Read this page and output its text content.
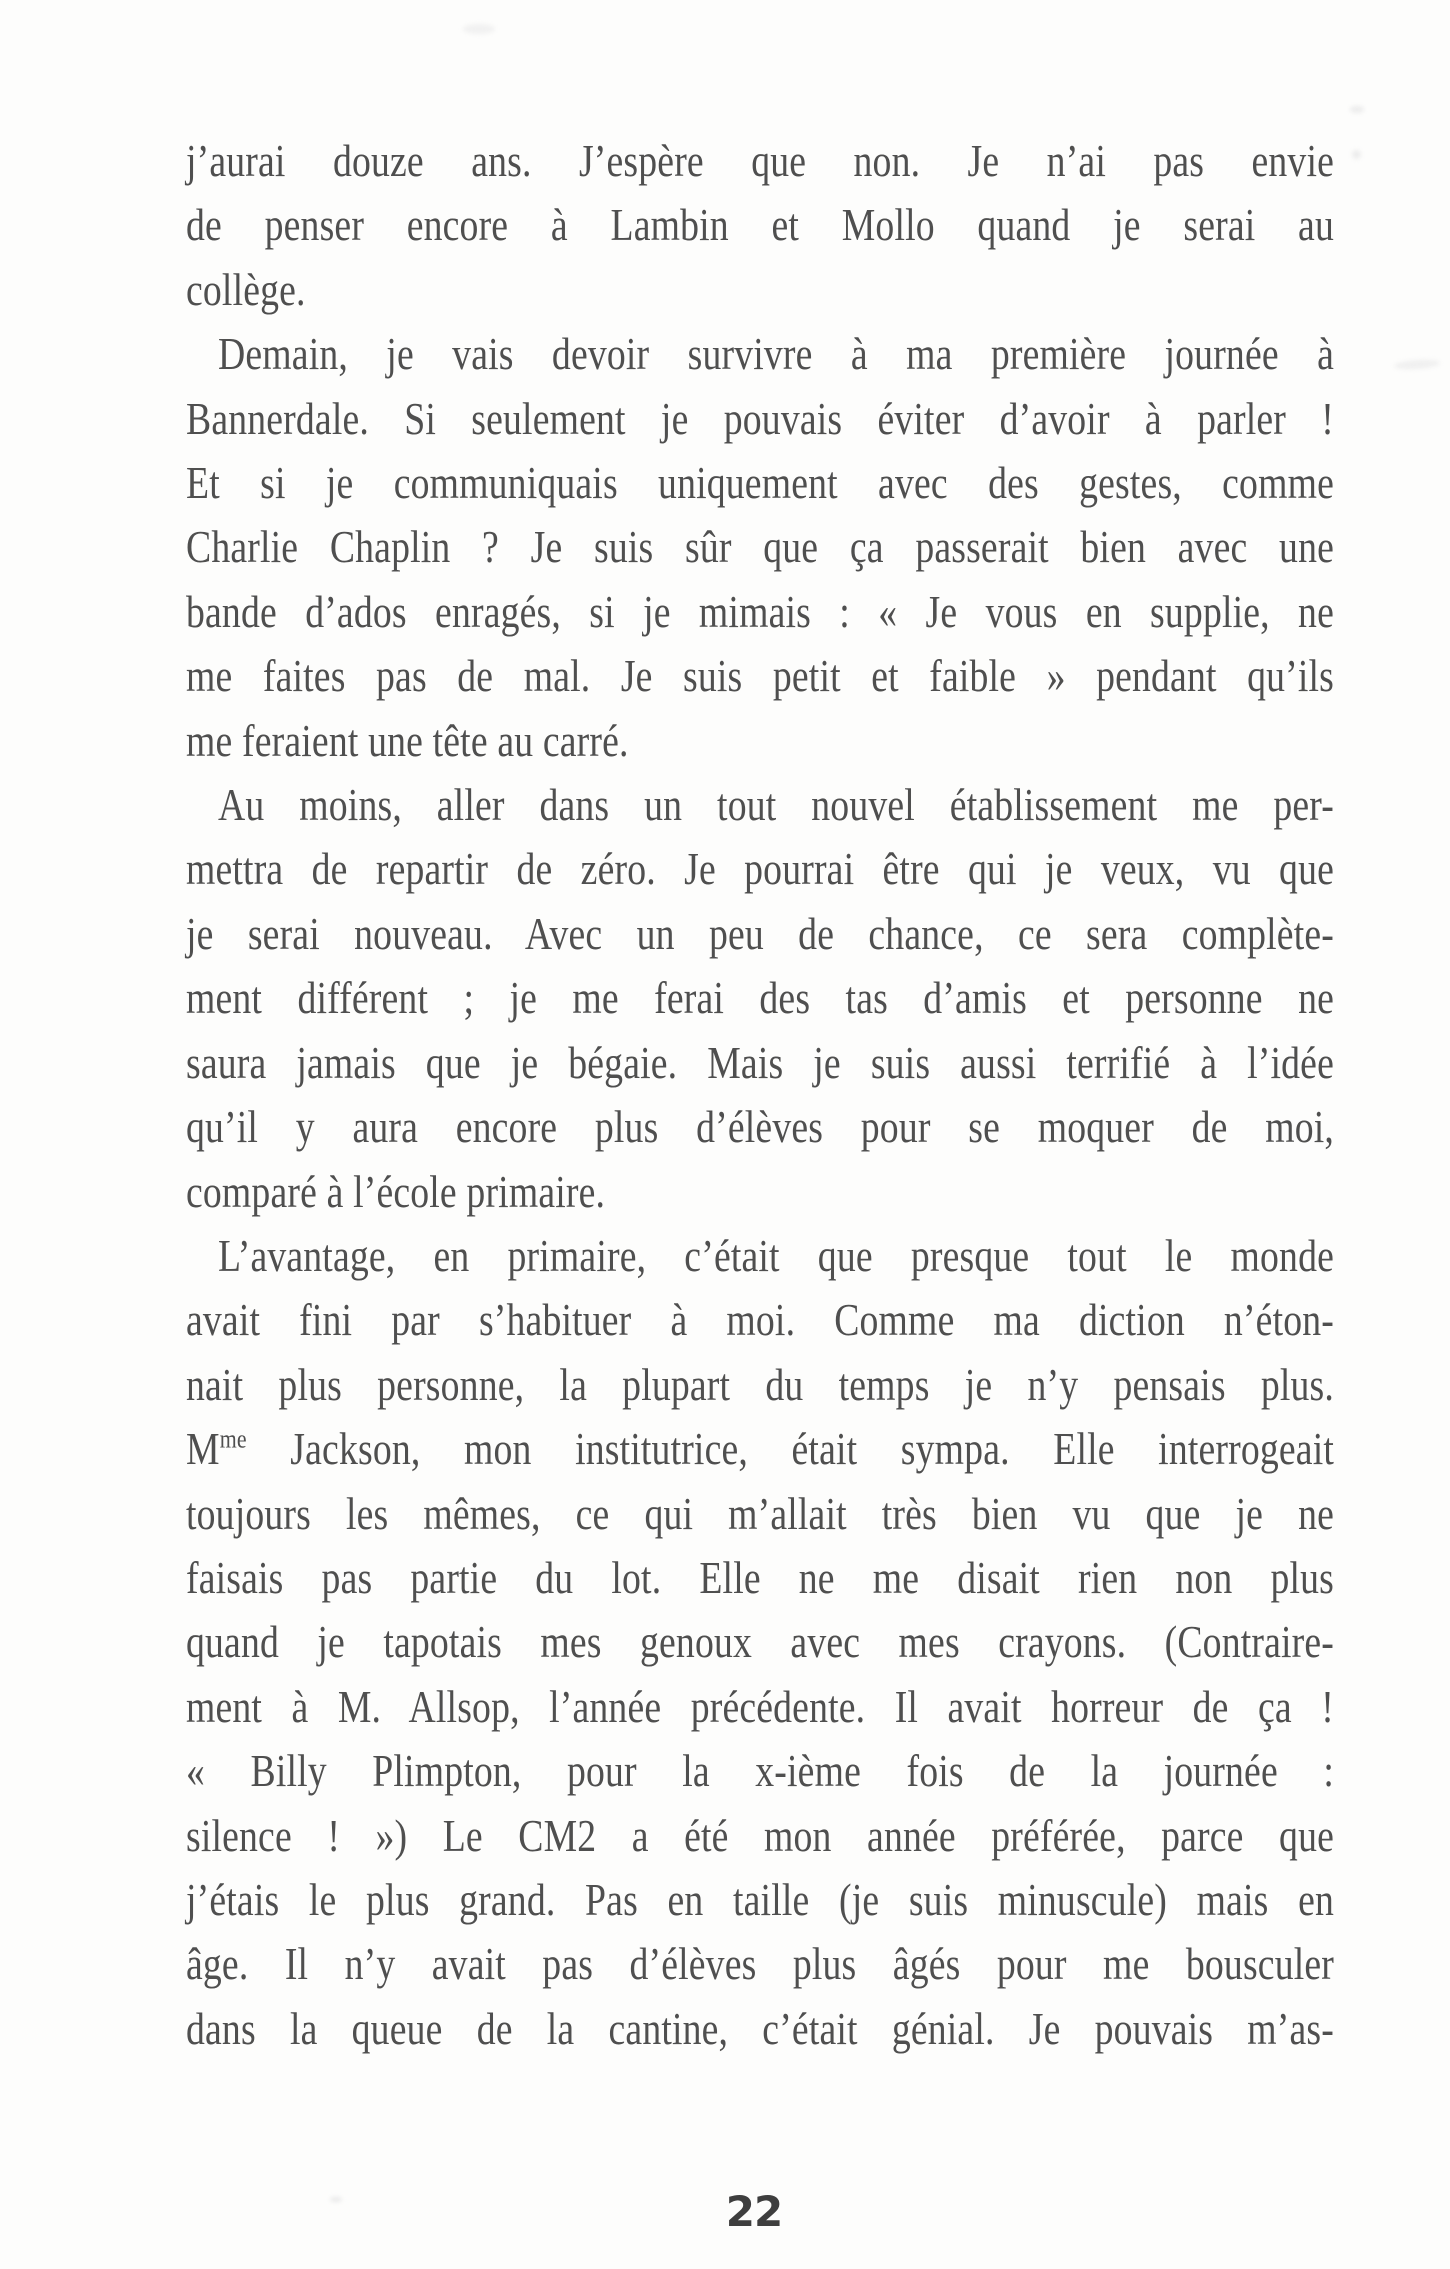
j’aurai douze ans. J’espère que non. Je n’ai pas envie
de penser encore à Lambin et Mollo quand je serai au
collège.
Demain, je vais devoir survivre à ma première journée à
Bannerdale. Si seulement je pouvais éviter d’avoir à parler !
Et si je communiquais uniquement avec des gestes, comme
Charlie Chaplin ? Je suis sûr que ça passerait bien avec une
bande d’ados enragés, si je mimais : « Je vous en supplie, ne
me faites pas de mal. Je suis petit et faible » pendant qu’ils
me feraient une tête au carré.
Au moins, aller dans un tout nouvel établissement me per-
mettra de repartir de zéro. Je pourrai être qui je veux, vu que
je serai nouveau. Avec un peu de chance, ce sera complète-
ment différent ; je me ferai des tas d’amis et personne ne
saura jamais que je bégaie. Mais je suis aussi terrifié à l’idée
qu’il y aura encore plus d’élèves pour se moquer de moi,
comparé à l’école primaire.
L’avantage, en primaire, c’était que presque tout le monde
avait fini par s’habituer à moi. Comme ma diction n’éton-
nait plus personne, la plupart du temps je n’y pensais plus.
$M^{me}$ Jackson, mon institutrice, était sympa. Elle interrogeait
toujours les mêmes, ce qui m’allait très bien vu que je ne
faisais pas partie du lot. Elle ne me disait rien non plus
quand je tapotais mes genoux avec mes crayons. (Contraire-
ment à M. Allsop, l’année précédente. Il avait horreur de ça !
« Billy Plimpton, pour la x-ième fois de la journée :
silence ! ») Le CM2 a été mon année préférée, parce que
j’étais le plus grand. Pas en taille (je suis minuscule) mais en
âge. Il n’y avait pas d’élèves plus âgés pour me bousculer
dans la queue de la cantine, c’était génial. Je pouvais m’as-
22
